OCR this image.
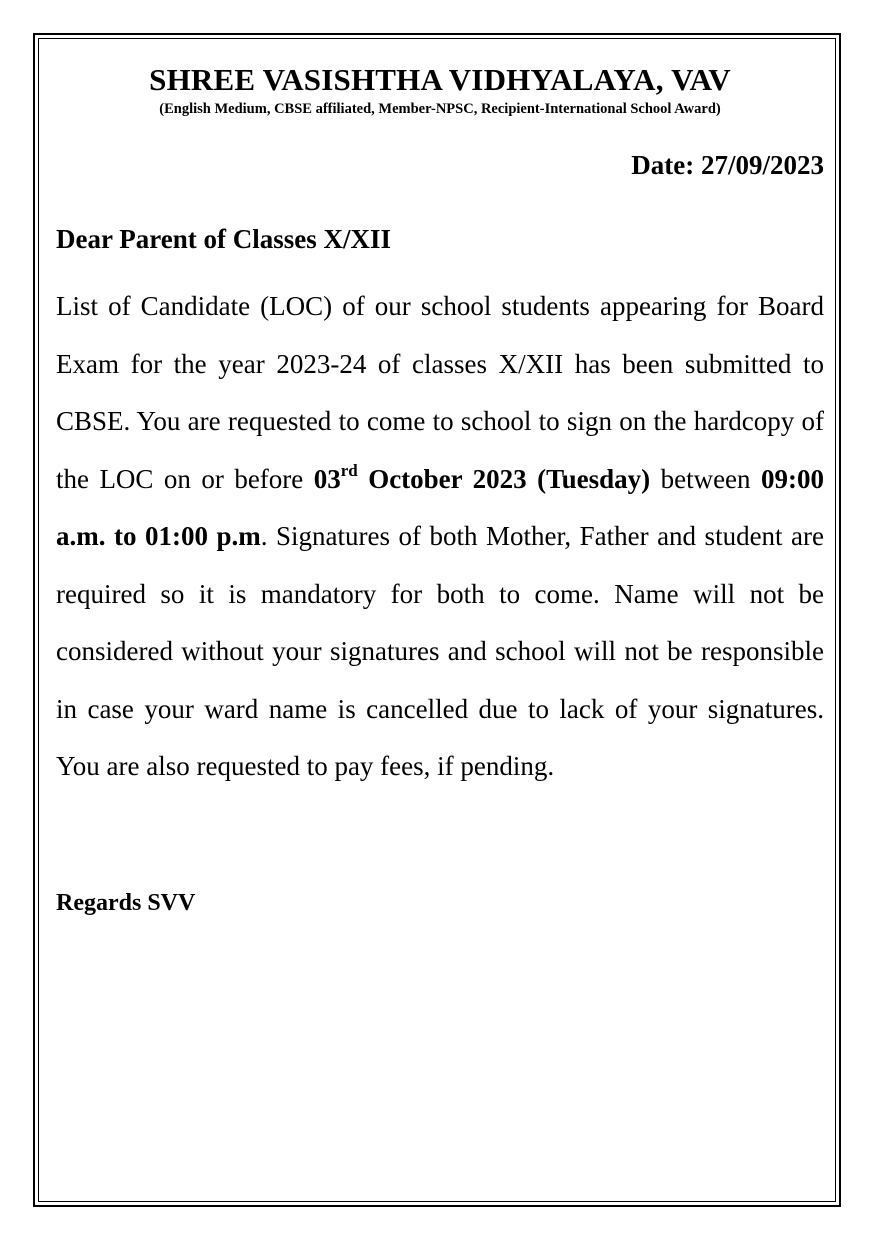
SHREE VASISHTHA VIDHYALAYA, VAV
(English Medium, CBSE affiliated, Member-NPSC, Recipient-International School Award)
Date: 27/09/2023
Dear Parent of Classes X/XII
List of Candidate (LOC) of our school students appearing for Board Exam for the year 2023-24 of classes X/XII has been submitted to CBSE. You are requested to come to school to sign on the hardcopy of the LOC on or before 03rd October 2023 (Tuesday) between 09:00 a.m. to 01:00 p.m. Signatures of both Mother, Father and student are required so it is mandatory for both to come. Name will not be considered without your signatures and school will not be responsible in case your ward name is cancelled due to lack of your signatures. You are also requested to pay fees, if pending.
Regards SVV
